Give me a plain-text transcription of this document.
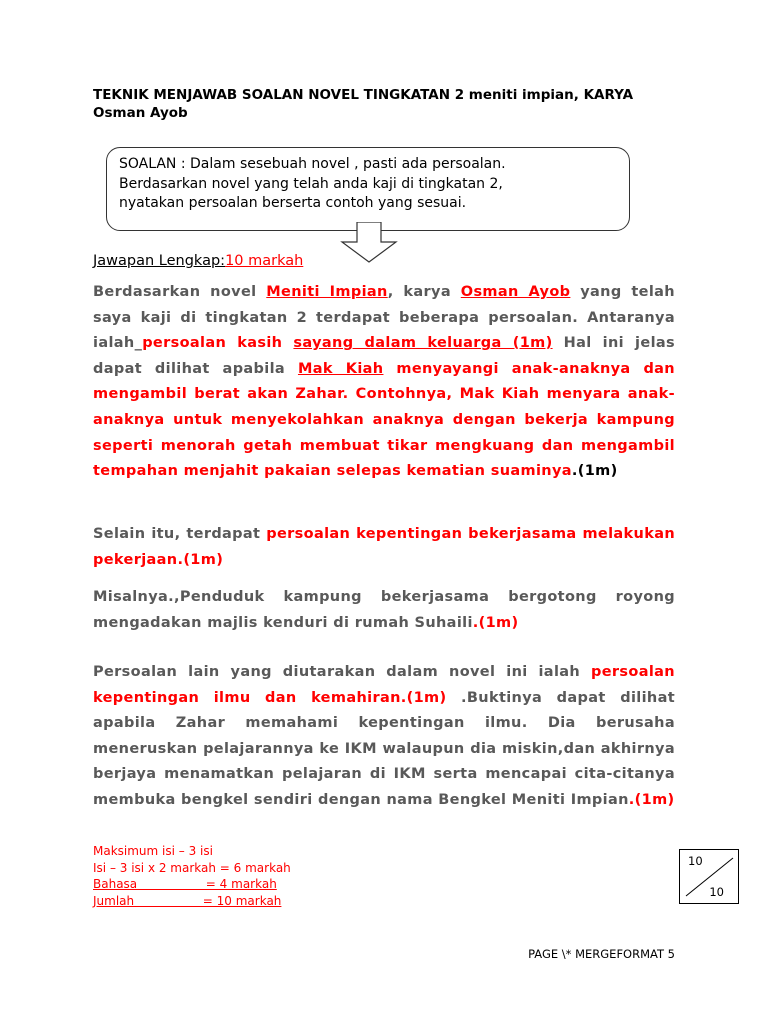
TEKNIK MENJAWAB SOALAN NOVEL TINGKATAN 2 meniti impian, KARYA Osman Ayob
SOALAN : Dalam sesebuah novel , pasti ada persoalan.
Berdasarkan novel yang telah anda kaji di tingkatan 2,
nyatakan persoalan berserta contoh yang sesuai.
Jawapan Lengkap:10 markah
Berdasarkan novel Meniti Impian, karya Osman Ayob yang telah saya kaji di tingkatan 2 terdapat beberapa persoalan. Antaranya ialah_persoalan kasih sayang dalam keluarga (1m) Hal ini jelas dapat dilihat apabila Mak Kiah menyayangi anak-anaknya dan mengambil berat akan Zahar. Contohnya, Mak Kiah menyara anak-anaknya untuk menyekolahkan anaknya dengan bekerja kampung seperti menorah getah membuat tikar mengkuang dan mengambil tempahan menjahit pakaian selepas kematian suaminya.(1m)
Selain itu, terdapat persoalan kepentingan bekerjasama melakukan pekerjaan.(1m)
Misalnya.,Penduduk kampung bekerjasama bergotong royong mengadakan majlis kenduri di rumah Suhaili.(1m)
Persoalan lain yang diutarakan dalam novel ini ialah persoalan kepentingan ilmu dan kemahiran.(1m) .Buktinya dapat dilihat apabila Zahar memahami kepentingan ilmu. Dia berusaha meneruskan pelajarannya ke IKM walaupun dia miskin,dan akhirnya berjaya menamatkan pelajaran di IKM serta mencapai cita-citanya membuka bengkel sendiri dengan nama Bengkel Meniti Impian.(1m)
Maksimum isi – 3 isi
Isi – 3 isi x 2 markah = 6 markah
Bahasa                  = 4 markah
Jumlah                  = 10 markah
10
10
PAGE \* MERGEFORMAT 5
